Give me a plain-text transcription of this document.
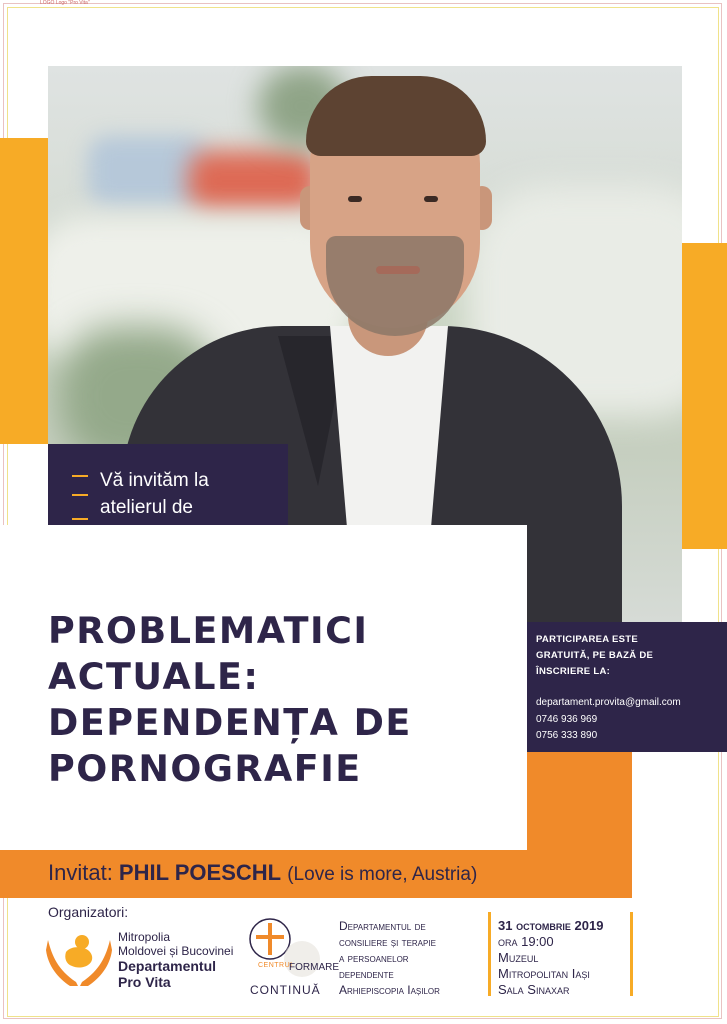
LOGO Logo "Pro Vita"
Vă invităm la
atelierul de
PROBLEMATICI
ACTUALE:
DEPENDENȚA DE
PORNOGRAFIE
PARTICIPAREA ESTE
GRATUITĂ, PE BAZĂ DE
ÎNSCRIERE LA:
departament.provita@gmail.com
0746 936 969
0756 333 890
Invitat: PHIL POESCHL (Love is more, Austria)
Organizatori:
Mitropolia
Moldovei și Bucovinei
Departamentul
Pro Vita
CENTRUL
FORMARE
CONTINUĂ
Departamentul de
consiliere și terapie
a persoanelor
dependente
Arhiepiscopia Iașilor
31 octombrie 2019
ora 19:00
Muzeul
Mitropolitan Iași
Sala Sinaxar
